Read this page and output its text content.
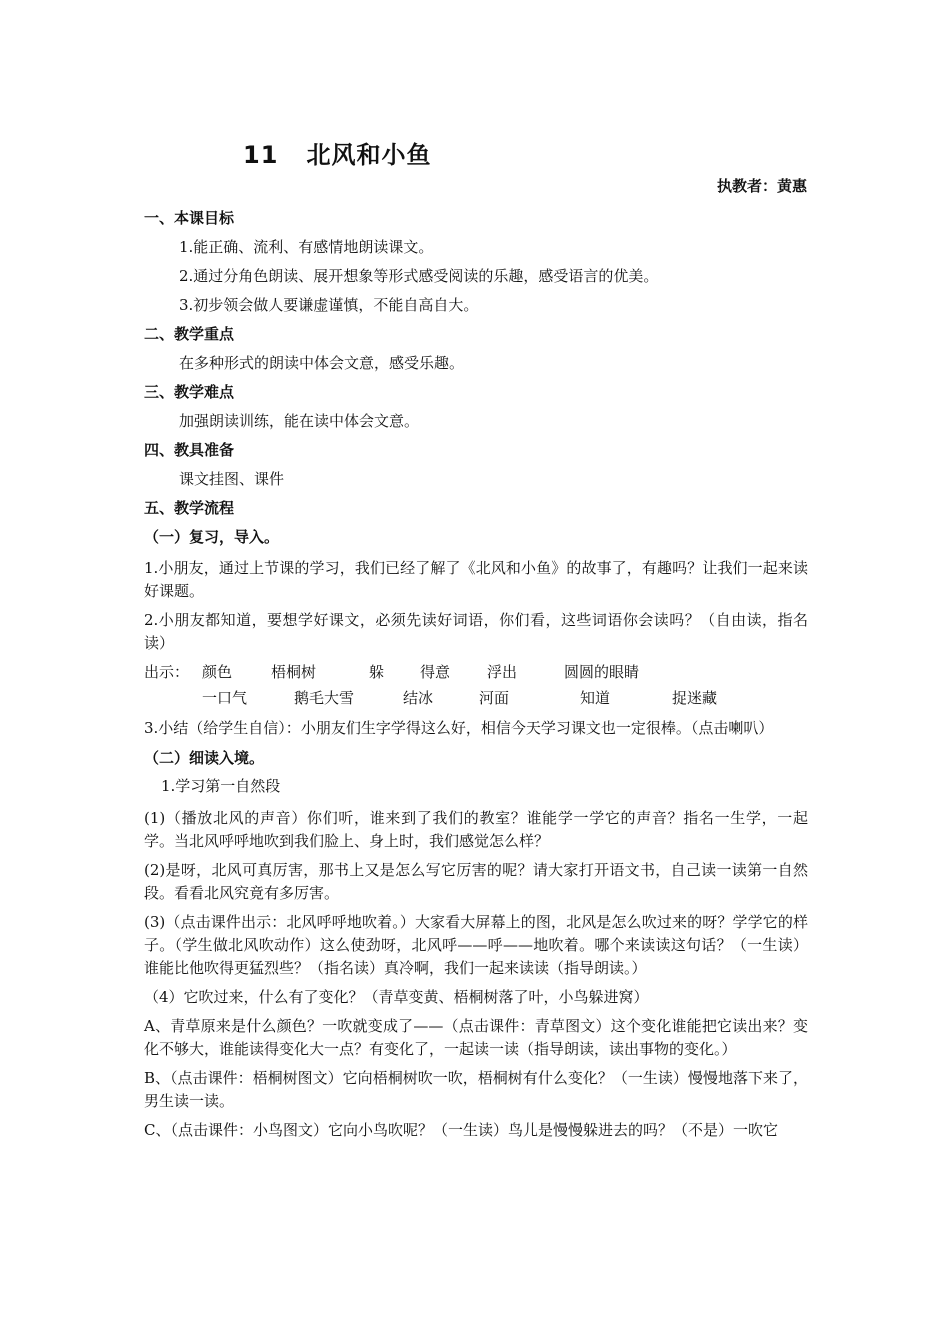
11   北风和小鱼
执教者：黄惠
一、本课目标
1.能正确、流利、有感情地朗读课文。
2.通过分角色朗读、展开想象等形式感受阅读的乐趣，感受语言的优美。
3.初步领会做人要谦虚谨慎，不能自高自大。
二、教学重点
在多种形式的朗读中体会文意，感受乐趣。
三、教学难点
加强朗读训练，能在读中体会文意。
四、教具准备
课文挂图、课件
五、教学流程
（一）复习，导入。
1.小朋友，通过上节课的学习，我们已经了解了《北风和小鱼》的故事了，有趣吗？让我们一起来读好课题。
2.小朋友都知道，要想学好课文，必须先读好词语，你们看，这些词语你会读吗？（自由读，指名读）
出示： 颜色	梧桐树	躲 得意 浮出	圆圆的眼睛
一口气	鹅毛大雪	结冰	河面	知道	捉迷藏
3.小结（给学生自信）：小朋友们生字学得这么好，相信今天学习课文也一定很棒。（点击喇叭）
（二）细读入境。
1.学习第一自然段
(1)（播放北风的声音）你们听，谁来到了我们的教室？谁能学一学它的声音？指名一生学，一起学。当北风呼呼地吹到我们脸上、身上时，我们感觉怎么样？
(2)是呀，北风可真厉害，那书上又是怎么写它厉害的呢？请大家打开语文书，自己读一读第一自然段。看看北风究竟有多厉害。
(3)（点击课件出示：北风呼呼地吹着。）大家看大屏幕上的图，北风是怎么吹过来的呀？学学它的样子。（学生做北风吹动作）这么使劲呀，北风呼——呼——地吹着。哪个来读读这句话？（一生读）谁能比他吹得更猛烈些？（指名读）真冷啊，我们一起来读读（指导朗读。）
（4）它吹过来，什么有了变化？（青草变黄、梧桐树落了叶，小鸟躲进窝）
A、青草原来是什么颜色？一吹就变成了——（点击课件：青草图文）这个变化谁能把它读出来？变化不够大，谁能读得变化大一点？有变化了，一起读一读（指导朗读，读出事物的变化。）
B、（点击课件：梧桐树图文）它向梧桐树吹一吹，梧桐树有什么变化？（一生读）慢慢地落下来了，男生读一读。
C、（点击课件：小鸟图文）它向小鸟吹呢？（一生读）鸟儿是慢慢躲进去的吗？（不是）一吹它
